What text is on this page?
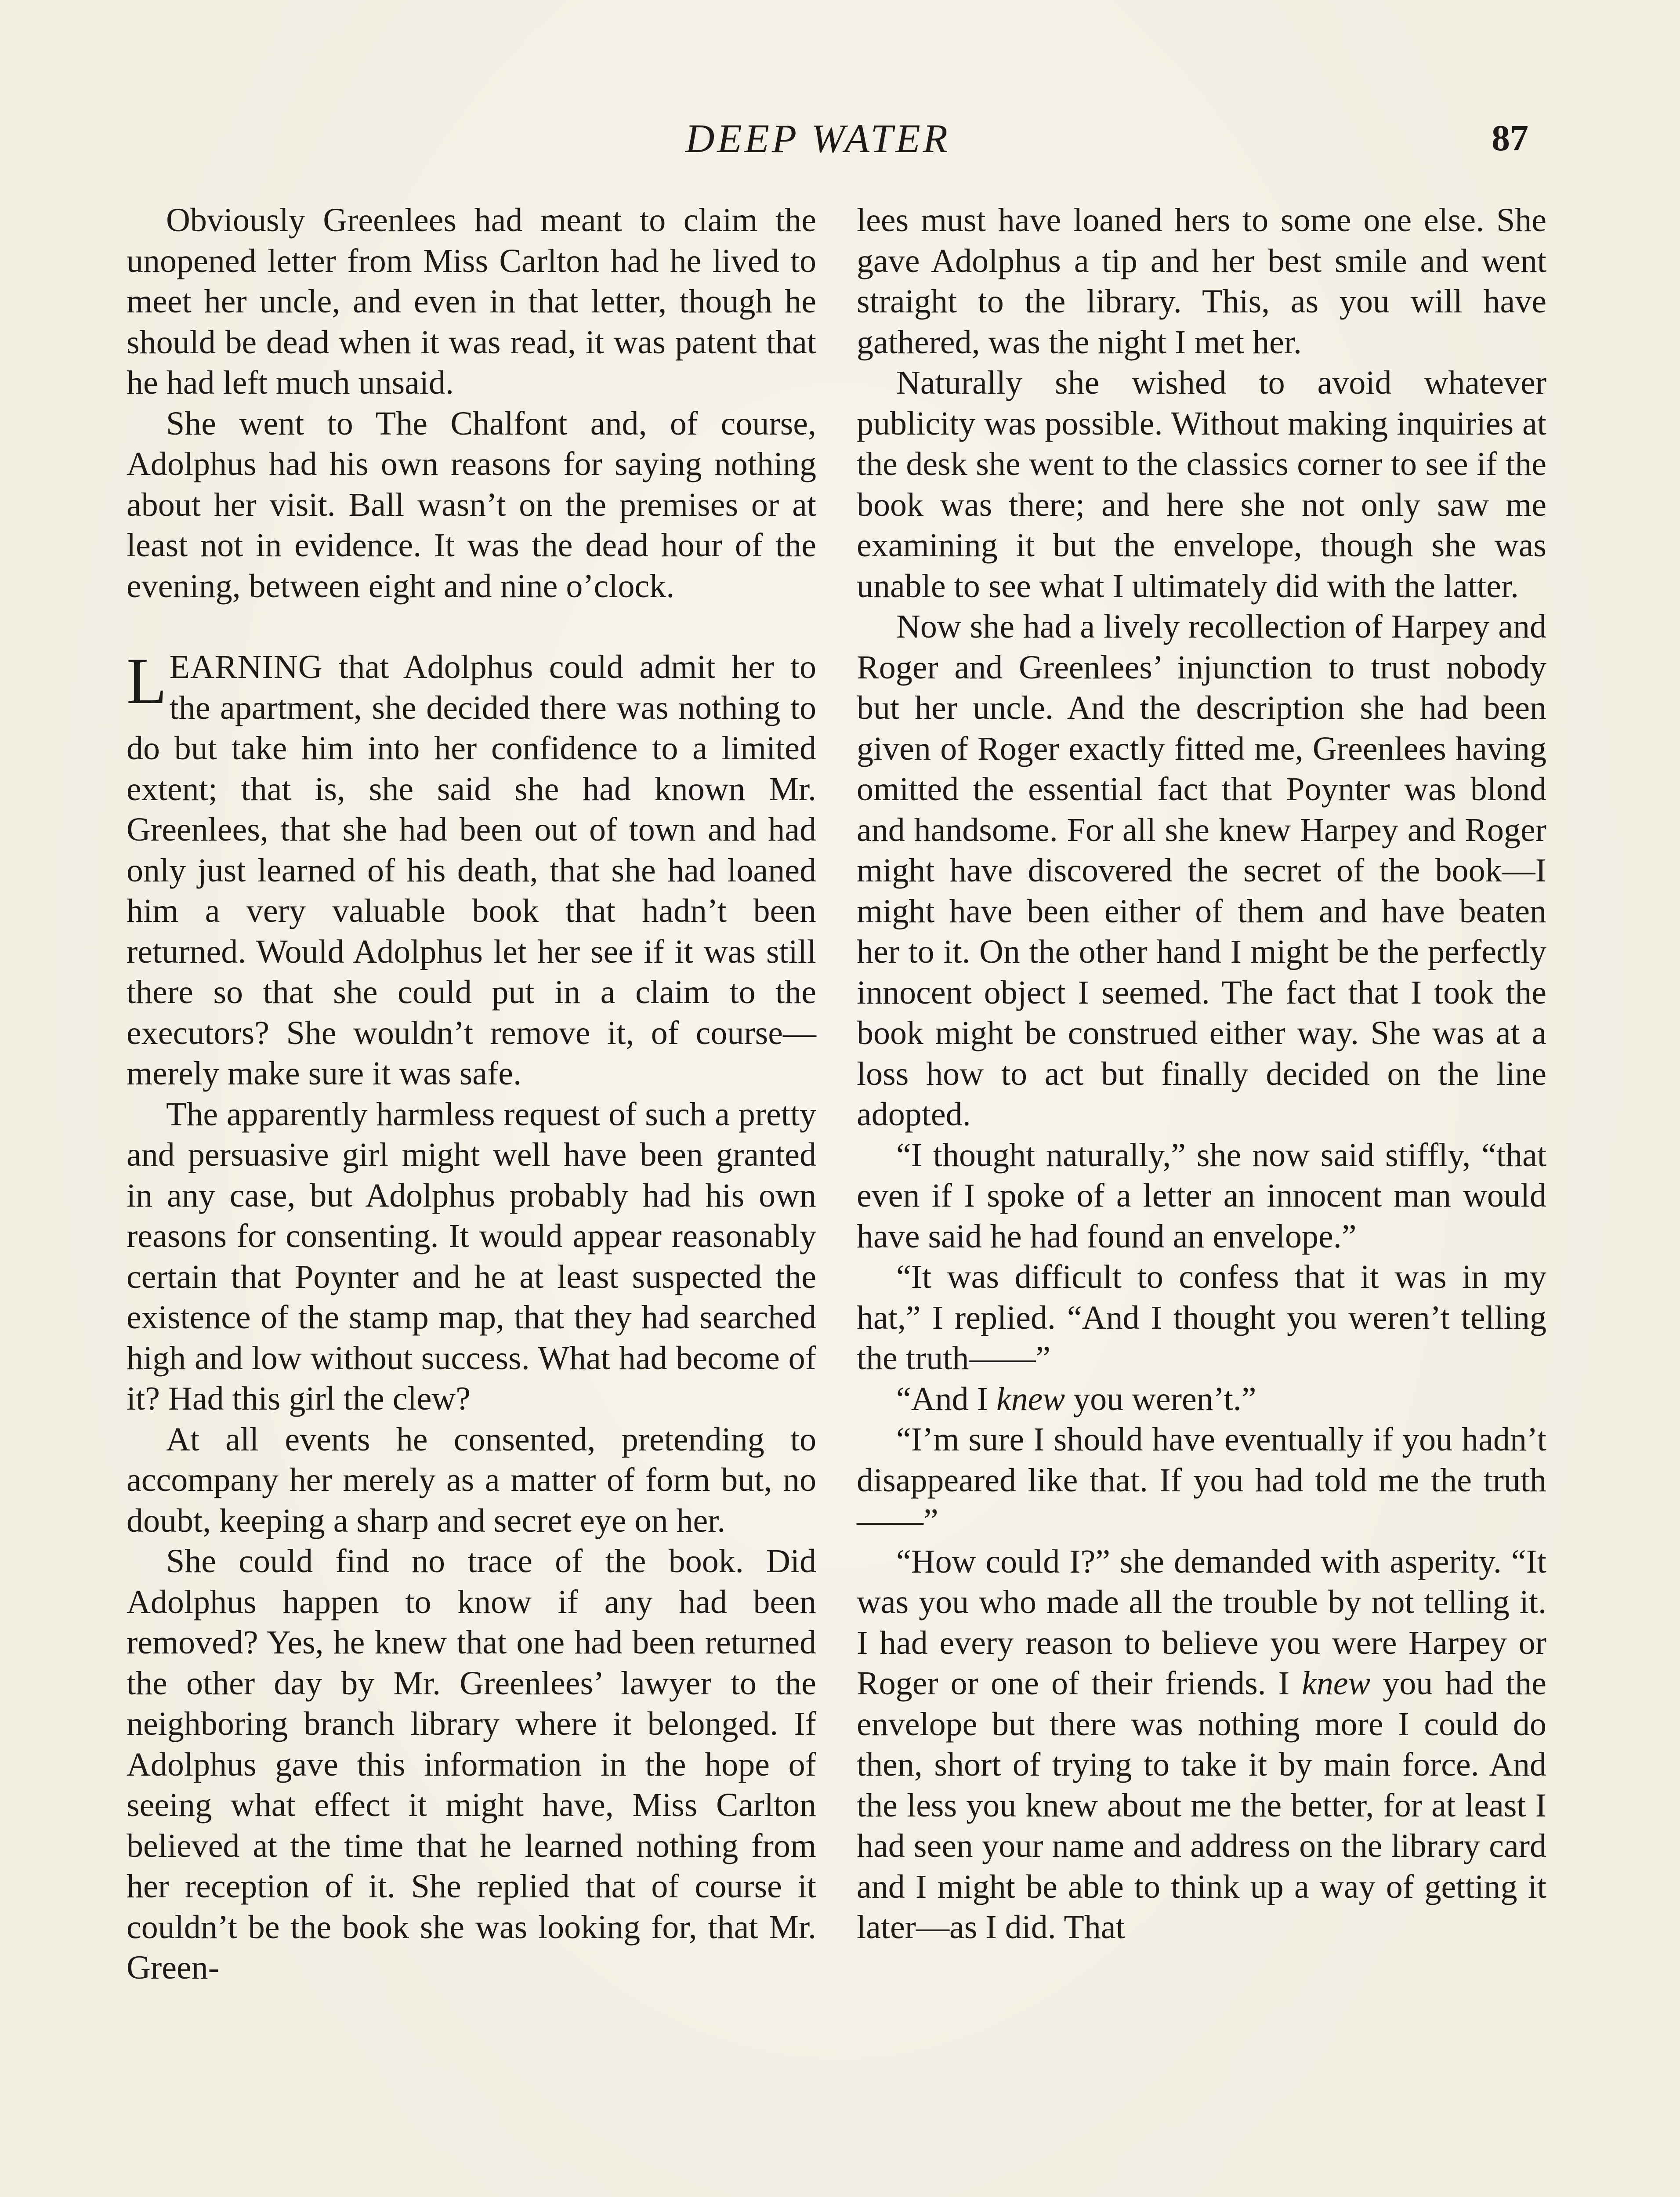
DEEP WATER	87

Obviously Greenlees had meant to claim the unopened letter from Miss Carlton had he lived to meet her uncle, and even in that letter, though he should be dead when it was read, it was patent that he had left much unsaid.

She went to The Chalfont and, of course, Adolphus had his own reasons for saying nothing about her visit. Ball wasn’t on the premises or at least not in evidence. It was the dead hour of the evening, between eight and nine o’clock.

LEARNING that Adolphus could admit her to the apartment, she decided there was nothing to do but take him into her confidence to a limited extent; that is, she said she had known Mr. Greenlees, that she had been out of town and had only just learned of his death, that she had loaned him a very valuable book that hadn’t been returned. Would Adolphus let her see if it was still there so that she could put in a claim to the executors? She wouldn’t remove it, of course—merely make sure it was safe.

The apparently harmless request of such a pretty and persuasive girl might well have been granted in any case, but Adolphus probably had his own reasons for consenting. It would appear reasonably certain that Poynter and he at least suspected the existence of the stamp map, that they had searched high and low without success. What had become of it? Had this girl the clew?

At all events he consented, pretending to accompany her merely as a matter of form but, no doubt, keeping a sharp and secret eye on her.

She could find no trace of the book. Did Adolphus happen to know if any had been removed? Yes, he knew that one had been returned the other day by Mr. Greenlees’ lawyer to the neighboring branch library where it belonged. If Adolphus gave this information in the hope of seeing what effect it might have, Miss Carlton believed at the time that he learned nothing from her reception of it. She replied that of course it couldn’t be the book she was looking for, that Mr. Green-

lees must have loaned hers to some one else. She gave Adolphus a tip and her best smile and went straight to the library. This, as you will have gathered, was the night I met her.

Naturally she wished to avoid whatever publicity was possible. Without making inquiries at the desk she went to the classics corner to see if the book was there; and here she not only saw me examining it but the envelope, though she was unable to see what I ultimately did with the latter.

Now she had a lively recollection of Harpey and Roger and Greenlees’ injunction to trust nobody but her uncle. And the description she had been given of Roger exactly fitted me, Greenlees having omitted the essential fact that Poynter was blond and handsome. For all she knew Harpey and Roger might have discovered the secret of the book—I might have been either of them and have beaten her to it. On the other hand I might be the perfectly innocent object I seemed. The fact that I took the book might be construed either way. She was at a loss how to act but finally decided on the line adopted.

“I thought naturally,” she now said stiffly, “that even if I spoke of a letter an innocent man would have said he had found an envelope.”

“It was difficult to confess that it was in my hat,” I replied. “And I thought you weren’t telling the truth——”

“And I knew you weren’t.”

“I’m sure I should have eventually if you hadn’t disappeared like that. If you had told me the truth——”

“How could I?” she demanded with asperity. “It was you who made all the trouble by not telling it. I had every reason to believe you were Harpey or Roger or one of their friends. I knew you had the envelope but there was nothing more I could do then, short of trying to take it by main force. And the less you knew about me the better, for at least I had seen your name and address on the library card and I might be able to think up a way of getting it later—as I did. That
